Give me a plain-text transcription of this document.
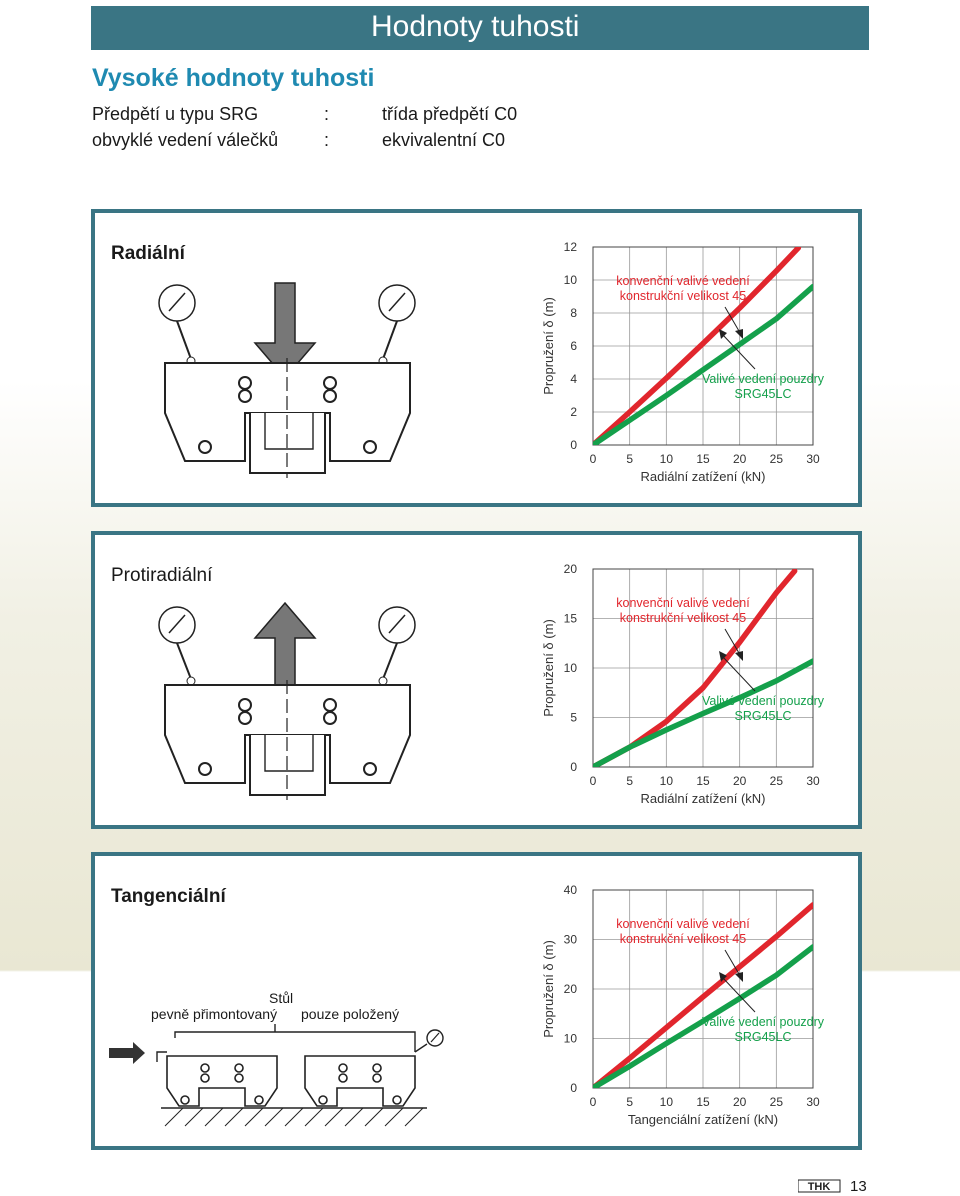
Hodnoty tuhosti
Vysoké hodnoty tuhosti
Předpětí u typu SRG	:	třída předpětí C0
obvyklé vedení válečků	:	ekvivalentní C0
Radiální
0 5 10 15 20 25 30
0
2
4
6
8
10
12
Radiální zatížení (kN)
Propružení δ (m)
konvenční valivé vedení
konstrukční velikost 45
Valivé vedení pouzdry
SRG45LC
Protiradiální
0 5 10 15 20 25 30
0
5
10
15
20
Radiální zatížení (kN)
Propružení δ (m)
konvenční valivé vedení
konstrukční velikost 45
Valivé vedení pouzdry
SRG45LC
Tangenciální
Stůl
pevně přimontovaný pouze položený
0 5 10 15 20 25 30
0
10
20
30
40
Tangenciální zatížení (kN)
Propružení δ (m)
konvenční valivé vedení
konstrukční velikost 45
Valivé vedení pouzdry
SRG45LC
THK 13
